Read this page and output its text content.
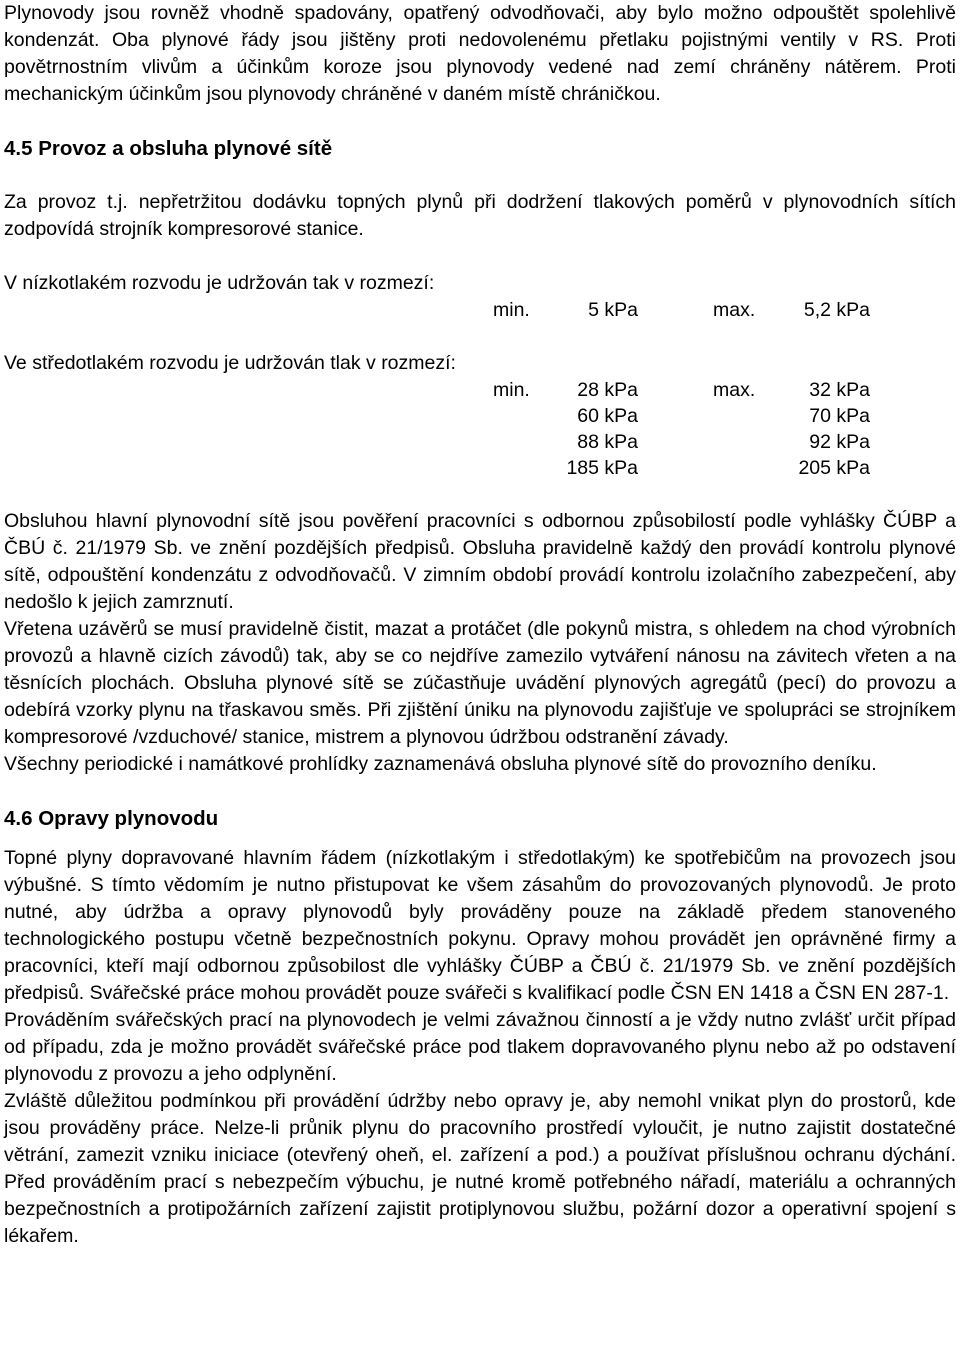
Plynovody jsou rovněž vhodně spadovány, opatřený odvodňovači, aby bylo možno odpouštět spolehlivě kondenzát. Oba plynové řády jsou jištěny proti nedovolenému přetlaku pojistnými ventily v RS. Proti povětrnostním vlivům a účinkům koroze jsou plynovody vedené nad zemí chráněny nátěrem. Proti mechanickým účinkům jsou plynovody chráněné v daném místě chráničkou.

4.5 Provoz a obsluha plynové sítě

Za provoz t.j. nepřetržitou dodávku topných plynů při dodržení tlakových poměrů v plynovodních sítích zodpovídá strojník kompresorové stanice.

V nízkotlakém rozvodu je udržován tak v rozmezí:

min.	5 kPa	max. 5,2 kPa

Ve středotlakém rozvodu je udržován tlak v rozmezí:

min. 28 kPa	max.	32 kPa
60 kPa	70 kPa
88 kPa	92 kPa
185 kPa	205 kPa

Obsluhou hlavní plynovodní sítě jsou pověření pracovníci s odbornou způsobilostí podle vyhlášky ČÚBP a ČBÚ č. 21/1979 Sb. ve znění pozdějších předpisů. Obsluha pravidelně každý den provádí kontrolu plynové sítě, odpouštění kondenzátu z odvodňovačů. V zimním období provádí kontrolu izolačního zabezpečení, aby nedošlo k jejich zamrznutí.

Vřetena uzávěrů se musí pravidelně čistit, mazat a protáčet (dle pokynů mistra, s ohledem na chod výrobních provozů a hlavně cizích závodů) tak, aby se co nejdříve zamezilo vytváření nánosu na závitech vřeten a na těsnících plochách. Obsluha plynové sítě se zúčastňuje uvádění plynových agregátů (pecí) do provozu a odebírá vzorky plynu na třaskavou směs. Při zjištění úniku na plynovodu zajišťuje ve spolupráci se strojníkem kompresorové /vzduchové/ stanice, mistrem a plynovou údržbou odstranění závady.

Všechny periodické i namátkové prohlídky zaznamenává obsluha plynové sítě do provozního deníku.

4.6 Opravy plynovodu

Topné plyny dopravované hlavním řádem (nízkotlakým i středotlakým) ke spotřebičům na provozech jsou výbušné. S tímto vědomím je nutno přistupovat ke všem zásahům do provozovaných plynovodů. Je proto nutné, aby údržba a opravy plynovodů byly prováděny pouze na základě předem stanoveného technologického postupu včetně bezpečnostních pokynu. Opravy mohou provádět jen oprávněné firmy a pracovníci, kteří mají odbornou způsobilost dle vyhlášky ČÚBP a ČBÚ č. 21/1979 Sb. ve znění pozdějších předpisů. Svářečské práce mohou provádět pouze svářeči s kvalifikací podle ČSN EN 1418 a ČSN EN 287-1.

Prováděním svářečských prací na plynovodech je velmi závažnou činností a je vždy nutno zvlášť určit případ od případu, zda je možno provádět svářečské práce pod tlakem dopravovaného plynu nebo až po odstavení plynovodu z provozu a jeho odplynění.

Zvláště důležitou podmínkou při provádění údržby nebo opravy je, aby nemohl vnikat plyn do prostorů, kde jsou prováděny práce. Nelze-li průnik plynu do pracovního prostředí vyloučit, je nutno zajistit dostatečné větrání, zamezit vzniku iniciace (otevřený oheň, el. zařízení a pod.) a používat příslušnou ochranu dýchání. Před prováděním prací s nebezpečím výbuchu, je nutné kromě potřebného nářadí, materiálu a ochranných bezpečnostních a protipožárních zařízení zajistit protiplynovou službu, požární dozor a operativní spojení s lékařem.
